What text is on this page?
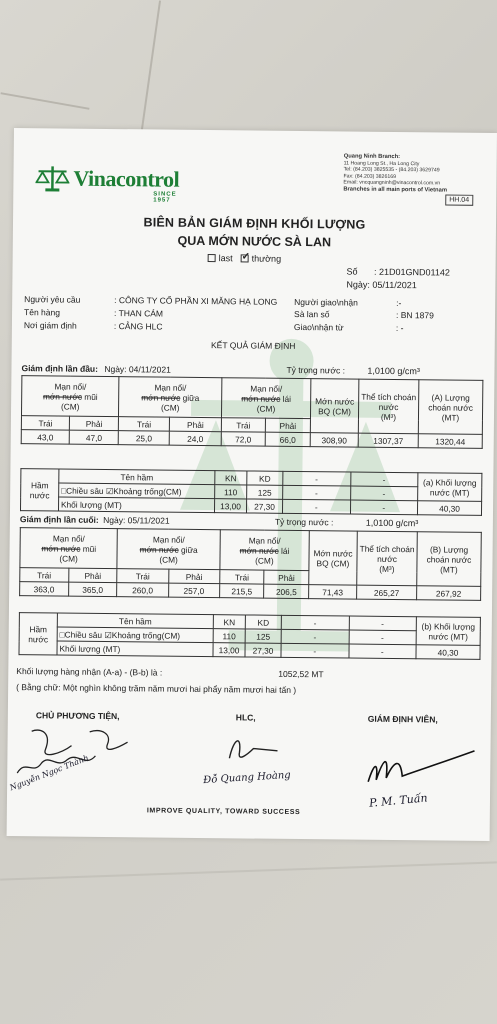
Vinacontrol
SINCE 1957
Quang Ninh Branch:
11 Hoang Long St., Ha Long City
Tel: (84.203) 3825535 - (84.203) 3629749
Fax: (84.203) 3826169
Email: vncquangninh@vinacontrol.com.vn
Branches in all main ports of Vietnam
HH.04
BIÊN BẢN GIÁM ĐỊNH KHỐI LƯỢNG
QUA MỚN NƯỚC SÀ LAN
last ✓	thường
Số : 21D01GND01142
Ngày: 05/11/2021
Người yêu cầu	: CÔNG TY CỔ PHẦN XI MĂNG HẠ LONG
Tên hàng	: THAN CÁM
Nơi giám định	: CẢNG HLC
Người giao\nhận	:-
Sà lan số	: BN 1879
Giao\nhận từ	: -
KẾT QUẢ GIÁM ĐỊNH
Giám định lần đầu: Ngày: 04/11/2021	Tỷ trọng nước : 1,0100 g/cm³
Mạn nổi/
mớn nước mũi
(CM)		Mạn nổi/
mớn nước giữa
(CM)		Mạn nổi/
mớn nước lái
(CM)		Mớn nước BQ (CM)	Thể tích choán nước
(M³)	(A) Lượng choán nước (MT)
Trái	Phải	Trái	Phải	Trái	Phải			
43,0	47,0	25,0	24,0	72,0	66,0	308,90	1307,37	1320,44
Hầm nước	Tên hầm	KN	KD	-	-	(a) Khối lượng nước (MT)
	□Chiều sâu ☑Khoảng trống(CM)	110	125	-	-	
	Khối lượng (MT)	13,00	27,30	-	-	40,30
Giám định lần cuối: Ngày: 05/11/2021	Tỷ trọng nước :	1,0100 g/cm³
Mạn nổi/
mớn nước mũi
(CM)		Mạn nổi/
mớn nước giữa
(CM)		Mạn nổi/
mớn nước lái
(CM)		Mớn nước BQ (CM)	Thể tích choán nước
(M³)	(B) Lượng choán nước (MT)
Trái	Phải	Trái	Phải	Trái	Phải			
363,0	365,0	260,0	257,0	215,5	206,5	71,43	265,27	267,92
Hầm nước	Tên hầm	KN	KD	-	-	(b) Khối lượng nước (MT)
	□Chiều sâu ☑Khoảng trống(CM)	110	125	-	-	
	Khối lượng (MT)	13,00	27,30	-	-	40,30
Khối lượng hàng nhận (A-a) - (B-b) là :	1052,52 MT
( Bằng chữ: Một nghìn không trăm năm mươi hai phẩy năm mươi hai tấn )
CHỦ PHƯƠNG TIỆN,	HLC,	GIÁM ĐỊNH VIÊN,
Nguyễn Ngọc Thành	Đỗ Quang Hoàng
P. M. Tuấn
IMPROVE QUALITY, TOWARD SUCCESS
